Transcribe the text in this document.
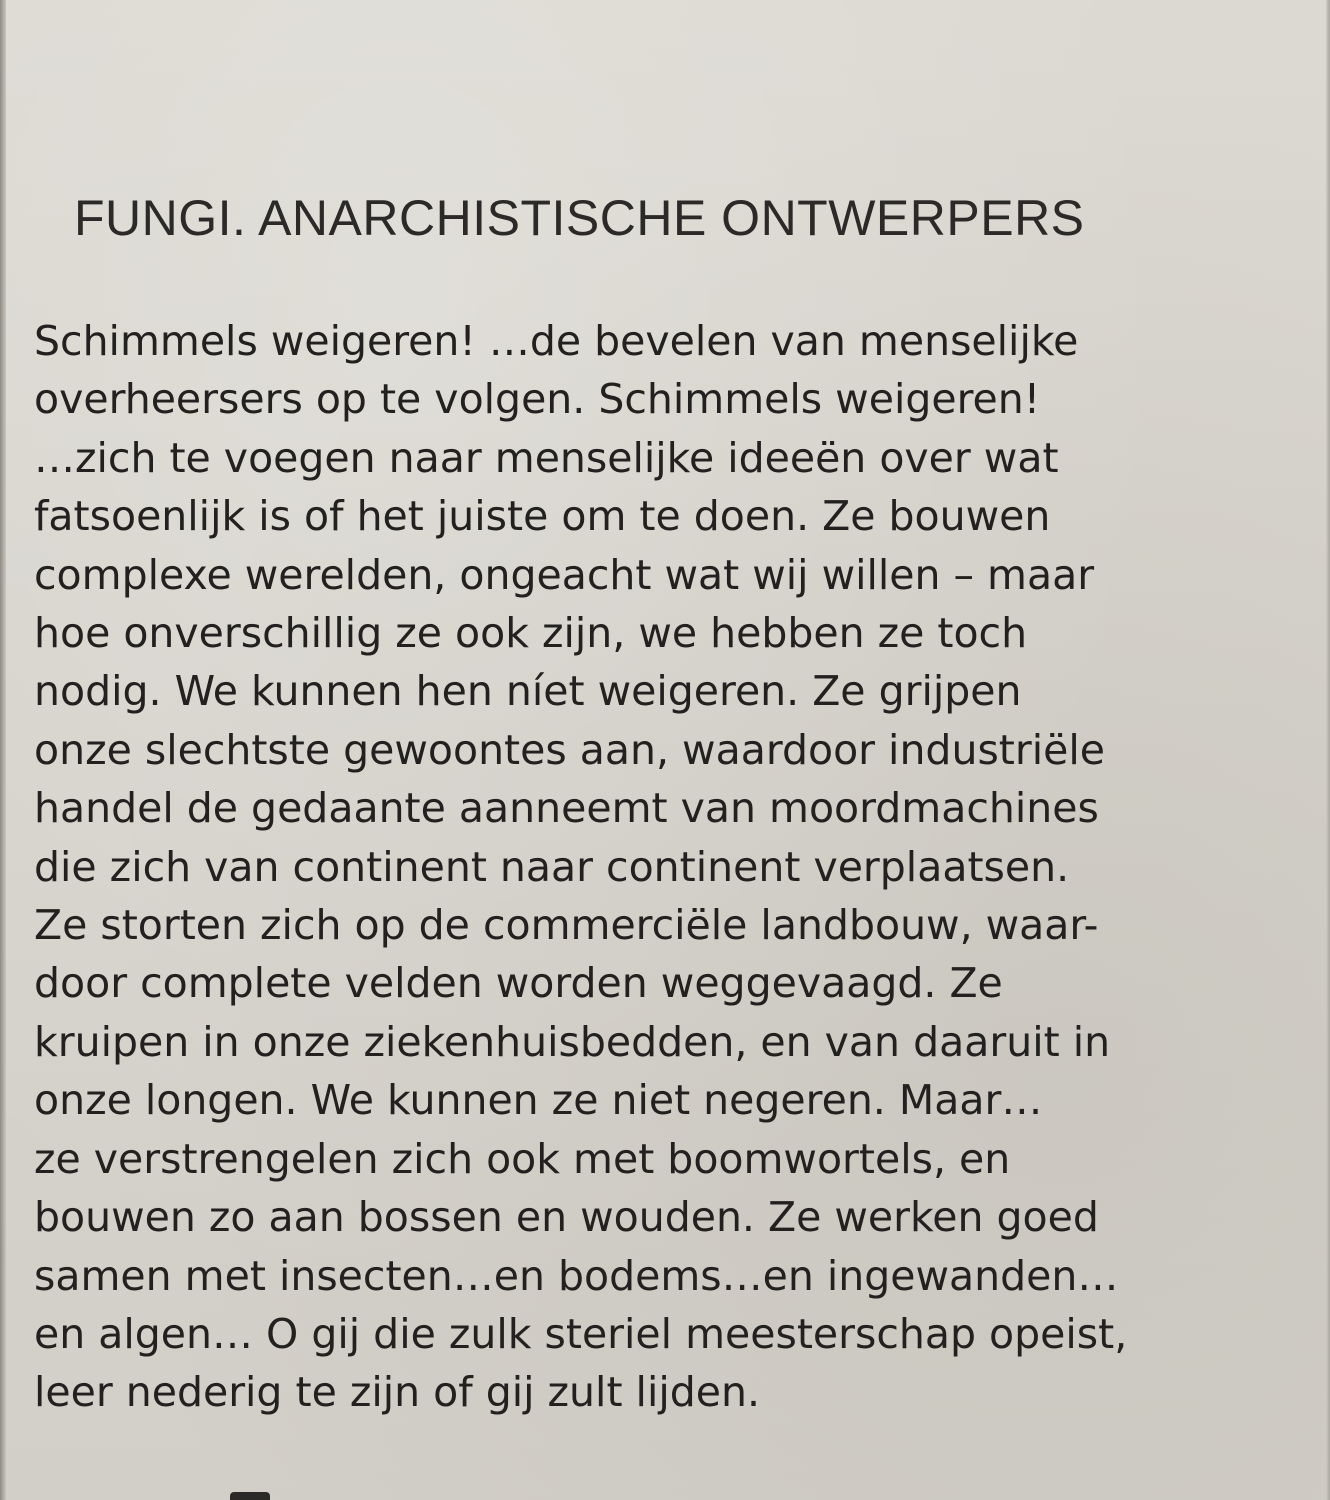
FUNGI. ANARCHISTISCHE ONTWERPERS
Schimmels weigeren! …de bevelen van menselijke
overheersers op te volgen. Schimmels weigeren!
…zich te voegen naar menselijke ideeën over wat
fatsoenlijk is of het juiste om te doen. Ze bouwen
complexe werelden, ongeacht wat wij willen – maar
hoe onverschillig ze ook zijn, we hebben ze toch
nodig. We kunnen hen níet weigeren. Ze grijpen
onze slechtste gewoontes aan, waardoor industriële
handel de gedaante aanneemt van moordmachines
die zich van continent naar continent verplaatsen.
Ze storten zich op de commerciële landbouw, waar-
door complete velden worden weggevaagd. Ze
kruipen in onze ziekenhuisbedden, en van daaruit in
onze longen. We kunnen ze niet negeren. Maar…
ze verstrengelen zich ook met boomwortels, en
bouwen zo aan bossen en wouden. Ze werken goed
samen met insecten…en bodems…en ingewanden…
en algen… O gij die zulk steriel meesterschap opeist,
leer nederig te zijn of gij zult lijden.
